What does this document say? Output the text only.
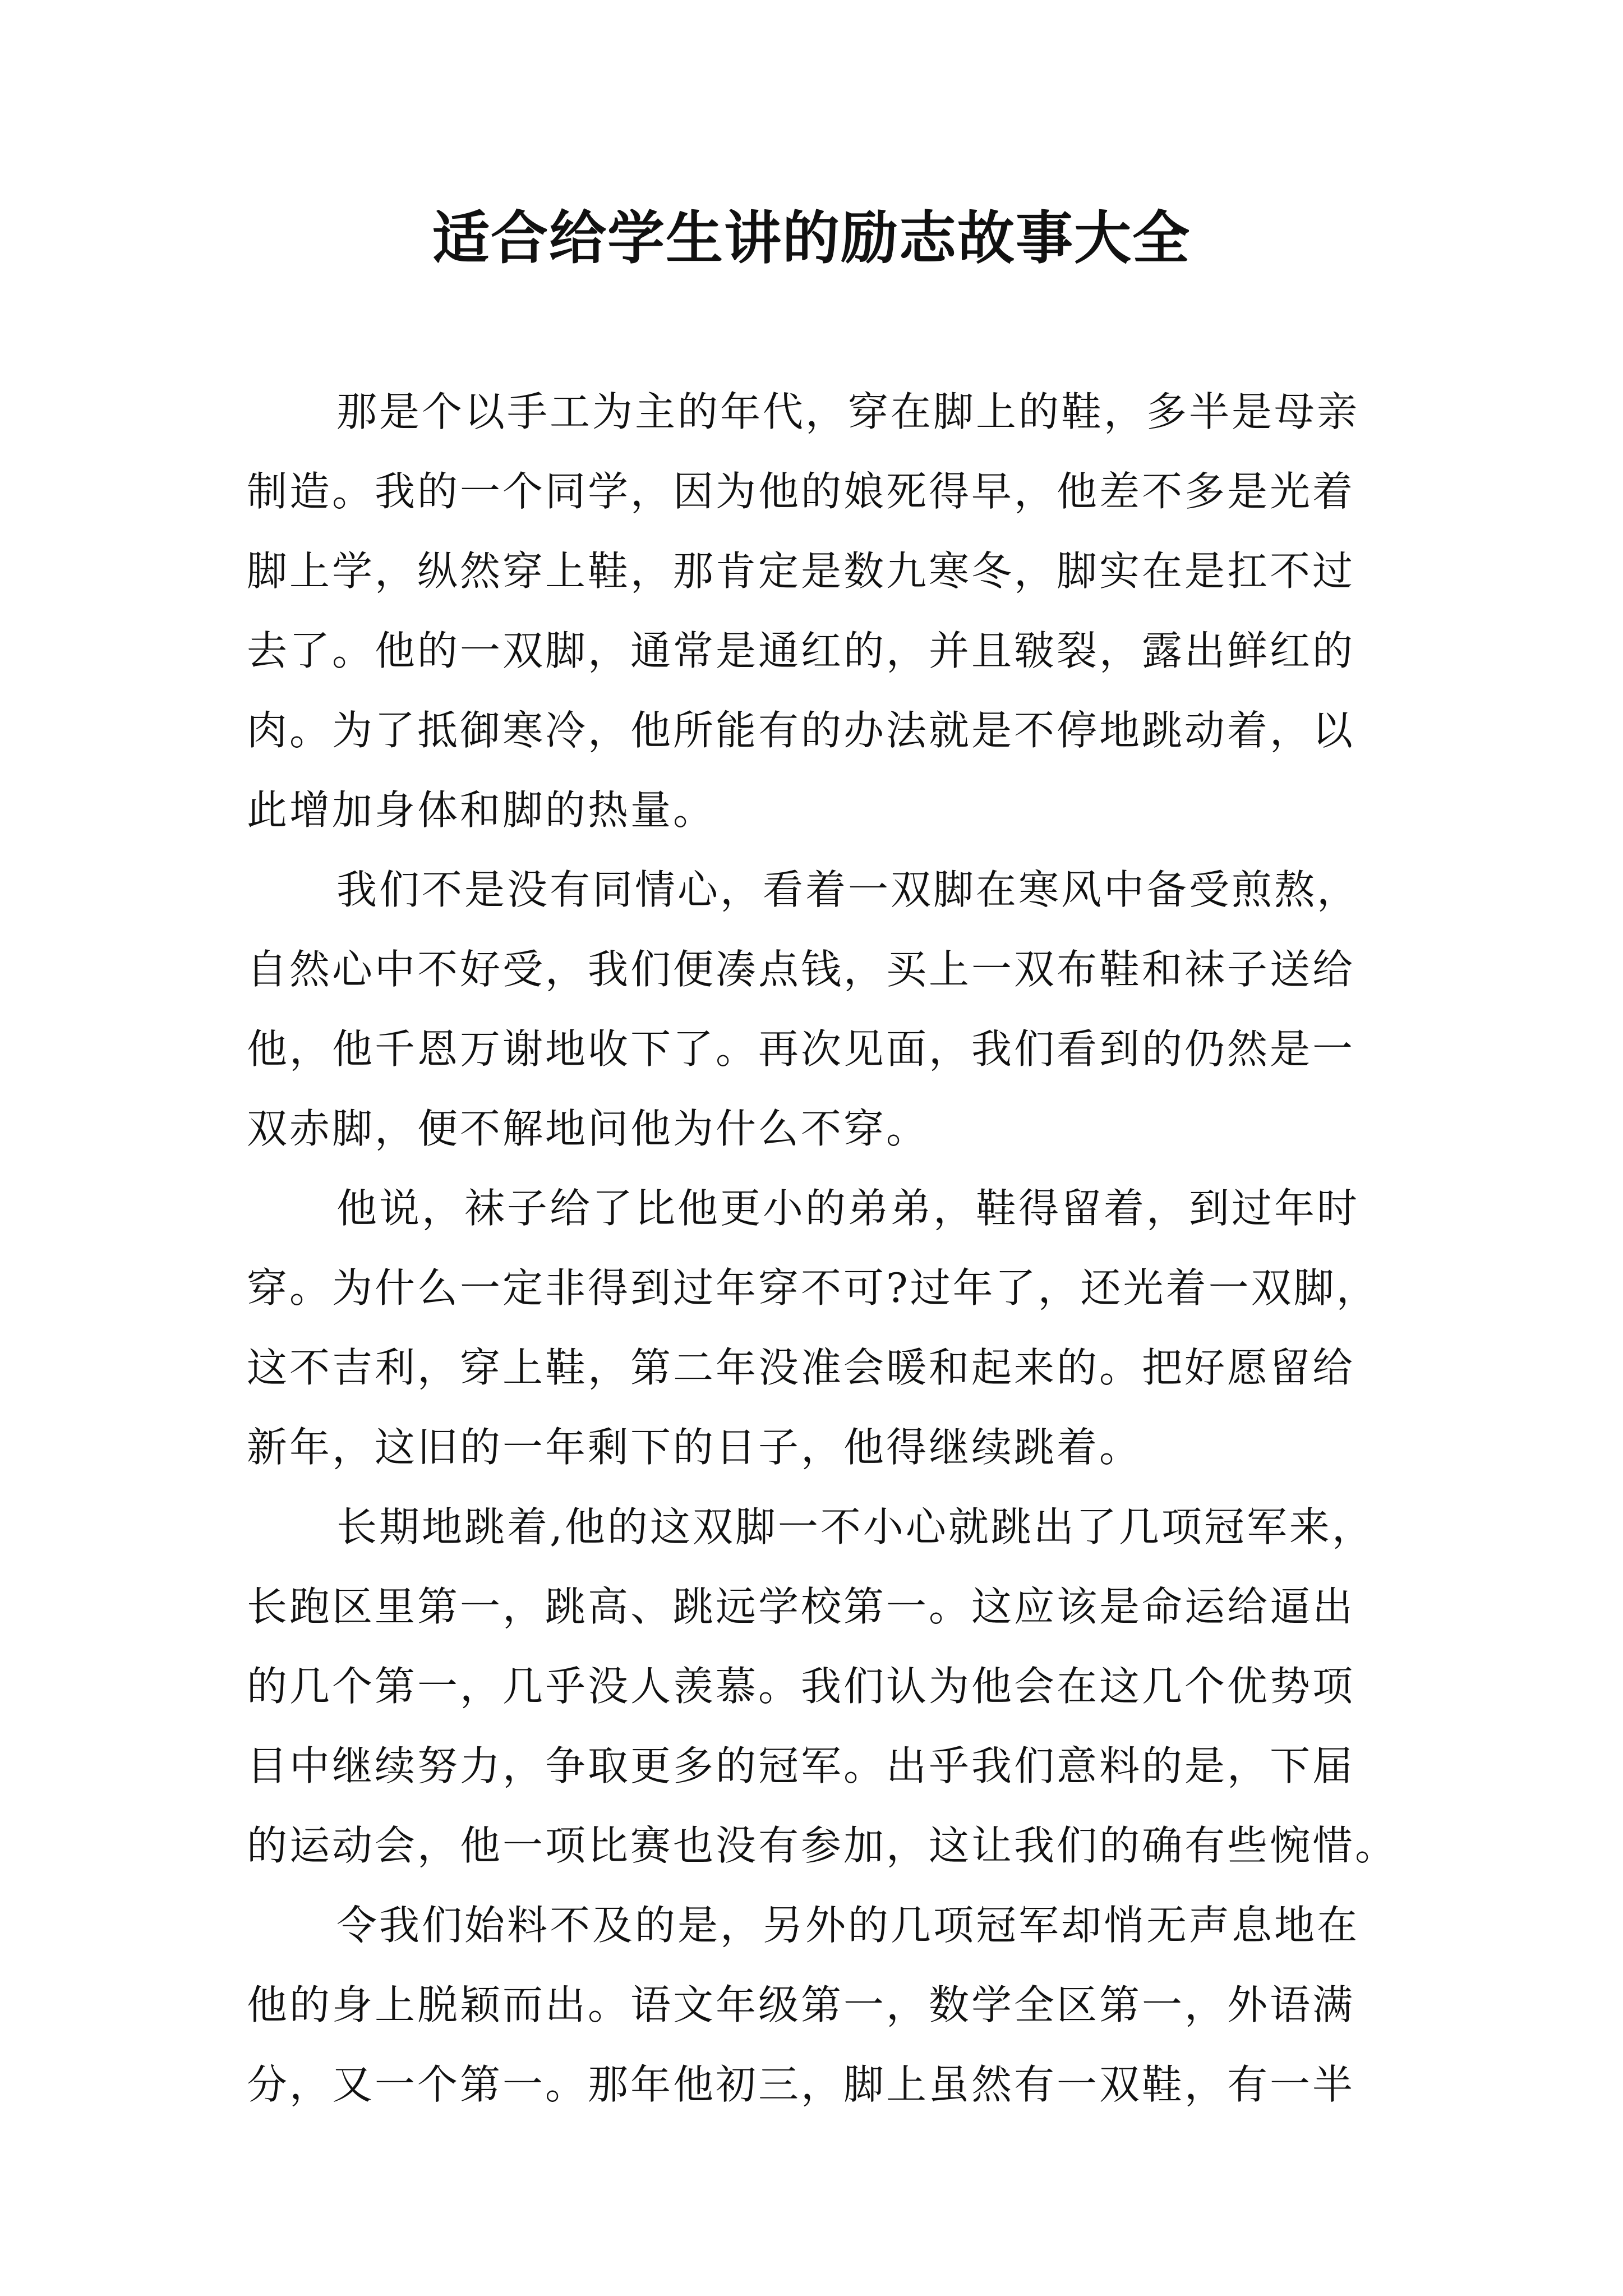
适合给学生讲的励志故事大全
那是个以手工为主的年代，穿在脚上的鞋，多半是母亲
制造。我的一个同学，因为他的娘死得早，他差不多是光着
脚上学，纵然穿上鞋，那肯定是数九寒冬，脚实在是扛不过
去了。他的一双脚，通常是通红的，并且皲裂，露出鲜红的
肉。为了抵御寒冷，他所能有的办法就是不停地跳动着，以
此增加身体和脚的热量。
我们不是没有同情心，看着一双脚在寒风中备受煎熬，
自然心中不好受，我们便凑点钱，买上一双布鞋和袜子送给
他，他千恩万谢地收下了。再次见面，我们看到的仍然是一
双赤脚，便不解地问他为什么不穿。
他说，袜子给了比他更小的弟弟，鞋得留着，到过年时
穿。为什么一定非得到过年穿不可?过年了，还光着一双脚，
这不吉利，穿上鞋，第二年没准会暖和起来的。把好愿留给
新年，这旧的一年剩下的日子，他得继续跳着。
长期地跳着,他的这双脚一不小心就跳出了几项冠军来，
长跑区里第一，跳高、跳远学校第一。这应该是命运给逼出
的几个第一，几乎没人羡慕。我们认为他会在这几个优势项
目中继续努力，争取更多的冠军。出乎我们意料的是，下届
的运动会，他一项比赛也没有参加，这让我们的确有些惋惜。
令我们始料不及的是，另外的几项冠军却悄无声息地在
他的身上脱颖而出。语文年级第一，数学全区第一，外语满
分，又一个第一。那年他初三，脚上虽然有一双鞋，有一半
